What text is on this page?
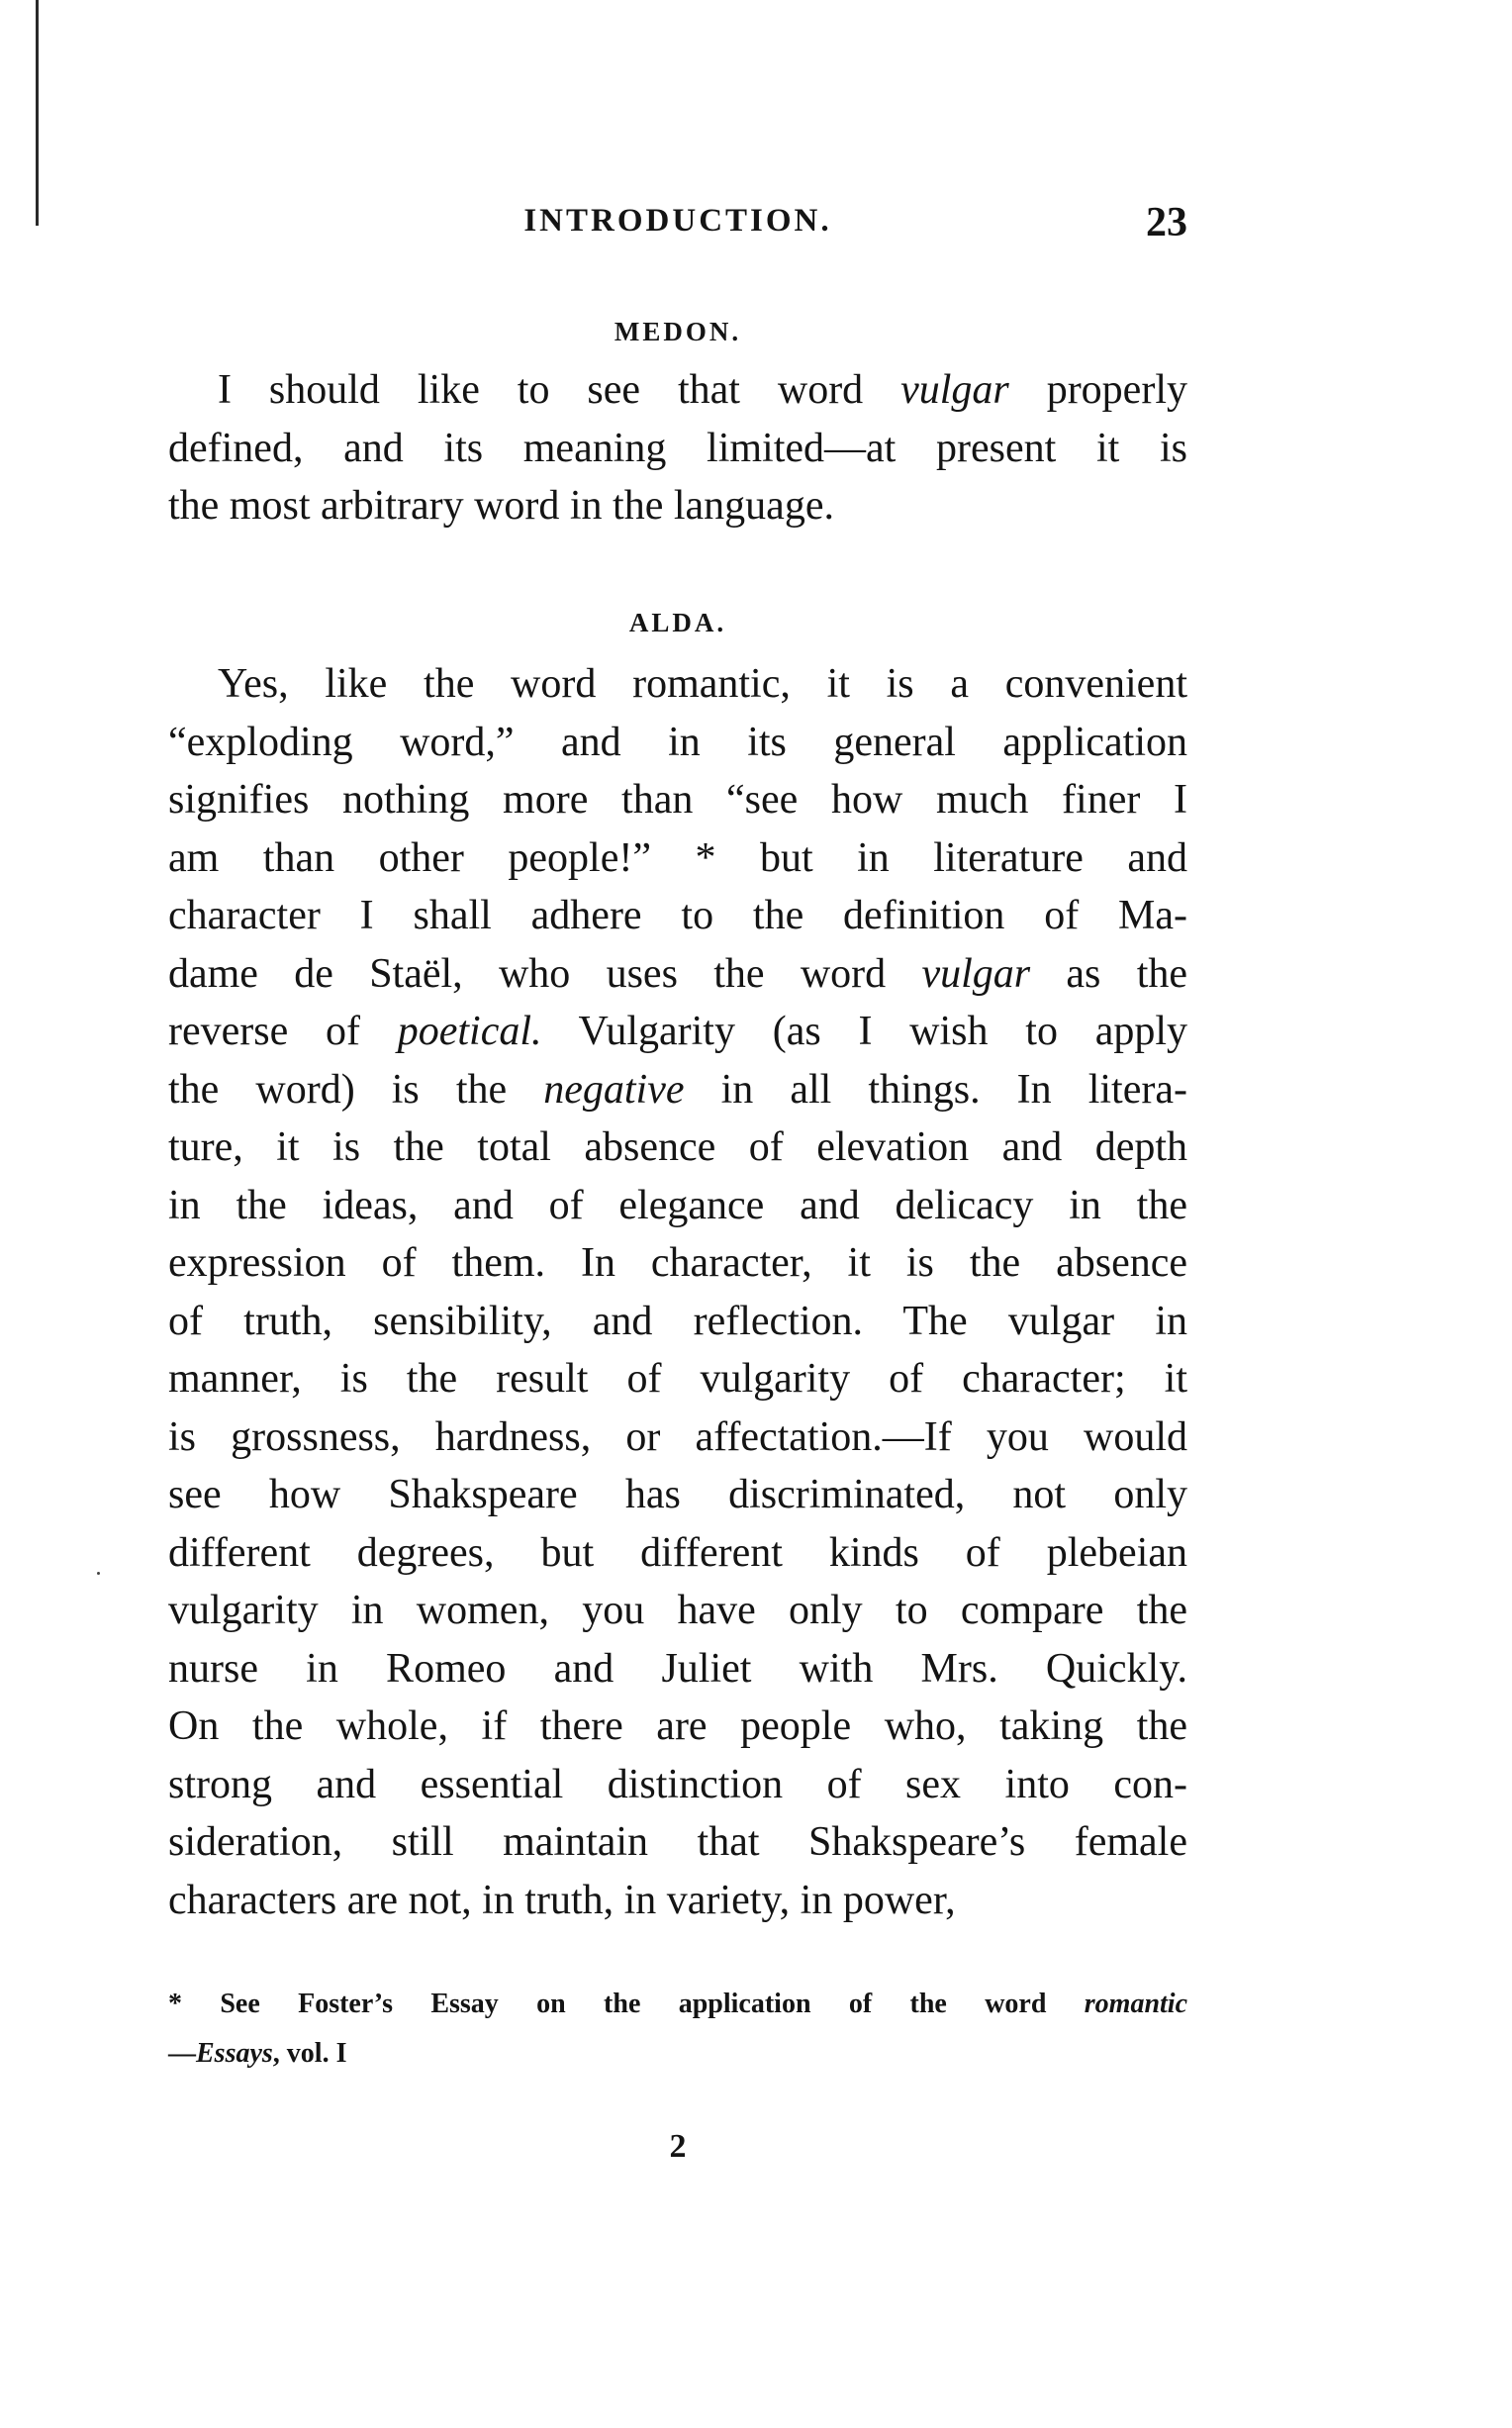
INTRODUCTION.	23
MEDON.
I should like to see that word vulgar properly
defined, and its meaning limited—at present it is
the most arbitrary word in the language.
ALDA.
Yes, like the word romantic, it is a convenient
“exploding word,” and in its general application
signifies nothing more than “see how much finer I
am than other people!” * but in literature and
character I shall adhere to the definition of Ma-
dame de Staël, who uses the word vulgar as the
reverse of poetical. Vulgarity (as I wish to apply
the word) is the negative in all things. In litera-
ture, it is the total absence of elevation and depth
in the ideas, and of elegance and delicacy in the
expression of them. In character, it is the absence
of truth, sensibility, and reflection. The vulgar in
manner, is the result of vulgarity of character; it
is grossness, hardness, or affectation.—If you would
see how Shakspeare has discriminated, not only
different degrees, but different kinds of plebeian
vulgarity in women, you have only to compare the
nurse in Romeo and Juliet with Mrs. Quickly.
On the whole, if there are people who, taking the
strong and essential distinction of sex into con-
sideration, still maintain that Shakspeare’s female
characters are not, in truth, in variety, in power,
* See Foster’s Essay on the application of the word romantic
—Essays, vol. I
2
